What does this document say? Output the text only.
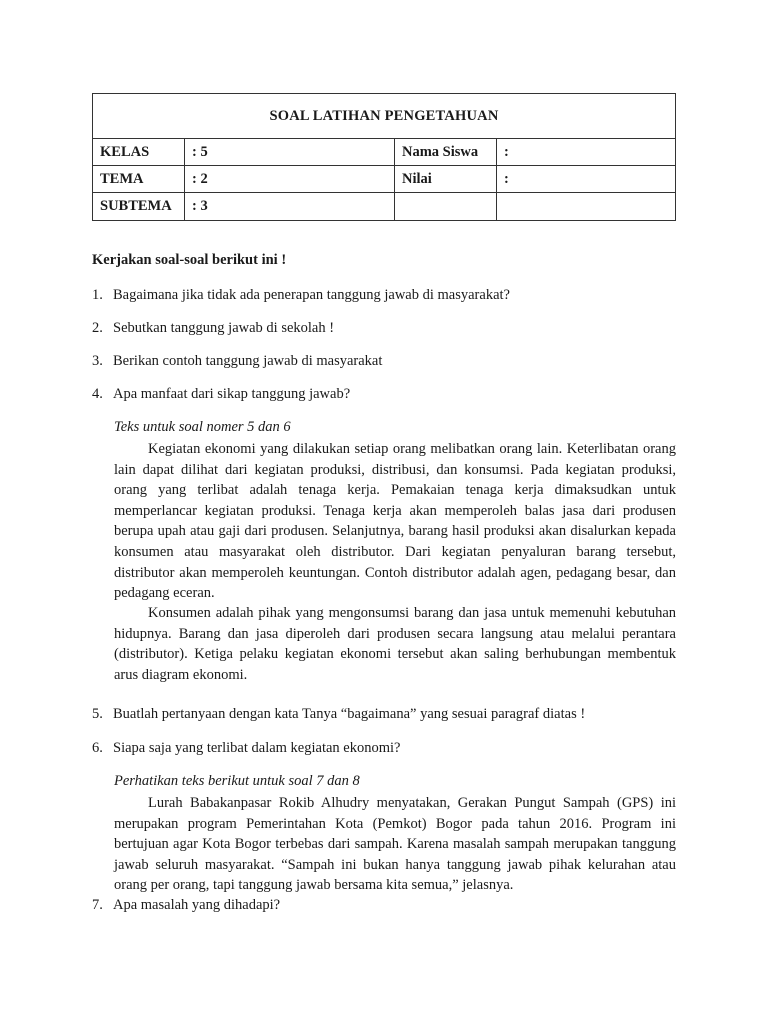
SOAL LATIHAN PENGETAHUAN			
KELAS	: 5	Nama Siswa	:
TEMA	: 2	Nilai	:
SUBTEMA	: 3		
Kerjakan soal-soal berikut ini !
1. Bagaimana jika tidak ada penerapan tanggung jawab di masyarakat?
2. Sebutkan tanggung jawab di sekolah !
3. Berikan contoh tanggung jawab di masyarakat
4. Apa manfaat dari sikap tanggung jawab?
Teks untuk soal nomer 5 dan 6

Kegiatan ekonomi yang dilakukan setiap orang melibatkan orang lain. Keterlibatan orang lain dapat dilihat dari kegiatan produksi, distribusi, dan konsumsi. Pada kegiatan produksi, orang yang terlibat adalah tenaga kerja. Pemakaian tenaga kerja dimaksudkan untuk memperlancar kegiatan produksi. Tenaga kerja akan memperoleh balas jasa dari produsen berupa upah atau gaji dari produsen. Selanjutnya, barang hasil produksi akan disalurkan kepada konsumen atau masyarakat oleh distributor. Dari kegiatan penyaluran barang tersebut, distributor akan memperoleh keuntungan. Contoh distributor adalah agen, pedagang besar, dan pedagang eceran.

Konsumen adalah pihak yang mengonsumsi barang dan jasa untuk memenuhi kebutuhan hidupnya. Barang dan jasa diperoleh dari produsen secara langsung atau melalui perantara (distributor). Ketiga pelaku kegiatan ekonomi tersebut akan saling berhubungan membentuk arus diagram ekonomi.

5. Buatlah pertanyaan dengan kata Tanya “bagaimana” yang sesuai paragraf diatas !
6. Siapa saja yang terlibat dalam kegiatan ekonomi?
Perhatikan teks berikut untuk soal 7 dan 8

Lurah Babakanpasar Rokib Alhudry menyatakan, Gerakan Pungut Sampah (GPS) ini merupakan program Pemerintahan Kota (Pemkot) Bogor pada tahun 2016. Program ini bertujuan agar Kota Bogor terbebas dari sampah. Karena masalah sampah merupakan tanggung jawab seluruh masyarakat. “Sampah ini bukan hanya tanggung jawab pihak kelurahan atau orang per orang, tapi tanggung jawab bersama kita semua,” jelasnya.

7. Apa masalah yang dihadapi?
